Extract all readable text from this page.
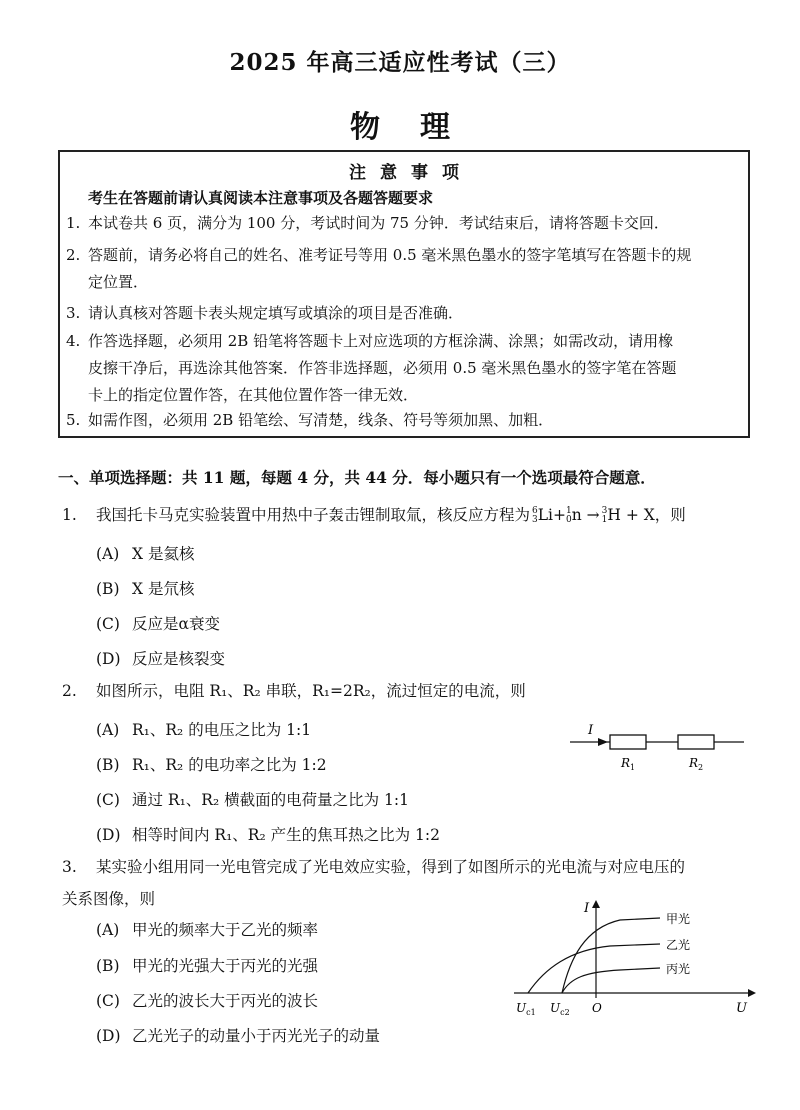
2025 年高三适应性考试（三）
物理
注意事项
考生在答题前请认真阅读本注意事项及各题答题要求
1. 本试卷共 6 页，满分为 100 分，考试时间为 75 分钟．考试结束后，请将答题卡交回．
2. 答题前，请务必将自己的姓名、准考证号等用 0.5 毫米黑色墨水的签字笔填写在答题卡的规
定位置．
3. 请认真核对答题卡表头规定填写或填涂的项目是否准确．
4. 作答选择题，必须用 2B 铅笔将答题卡上对应选项的方框涂满、涂黑；如需改动，请用橡
皮擦干净后，再选涂其他答案．作答非选择题，必须用 0.5 毫米黑色墨水的签字笔在答题
卡上的指定位置作答，在其他位置作答一律无效．
5. 如需作图，必须用 2B 铅笔绘、写清楚，线条、符号等须加黑、加粗．
一、单项选择题：共 11 题，每题 4 分，共 44 分．每小题只有一个选项最符合题意．
1. 我国托卡马克实验装置中用热中子轰击锂制取氚，核反应方程为 6
3 Li+ 1
0 n → 3
1 H + X，则
(A) X 是氦核
(B) X 是氘核
(C) 反应是α衰变
(D) 反应是核裂变
2. 如图所示，电阻 R₁、R₂ 串联，R₁=2R₂，流过恒定的电流，则
(A) R₁、R₂ 的电压之比为 1:1
(B) R₁、R₂ 的电功率之比为 1:2
(C) 通过 R₁、R₂ 横截面的电荷量之比为 1:1
(D) 相等时间内 R₁、R₂ 产生的焦耳热之比为 1:2
I
$R_1$	$R_2$
3. 某实验小组用同一光电管完成了光电效应实验，得到了如图所示的光电流与对应电压的
关系图像，则
(A) 甲光的频率大于乙光的频率
(B) 甲光的光强大于丙光的光强
(C) 乙光的波长大于丙光的波长
(D) 乙光光子的动量小于丙光光子的动量
I
U
O
$U_{c1}$ $U_{c2}$
甲光
乙光
丙光
